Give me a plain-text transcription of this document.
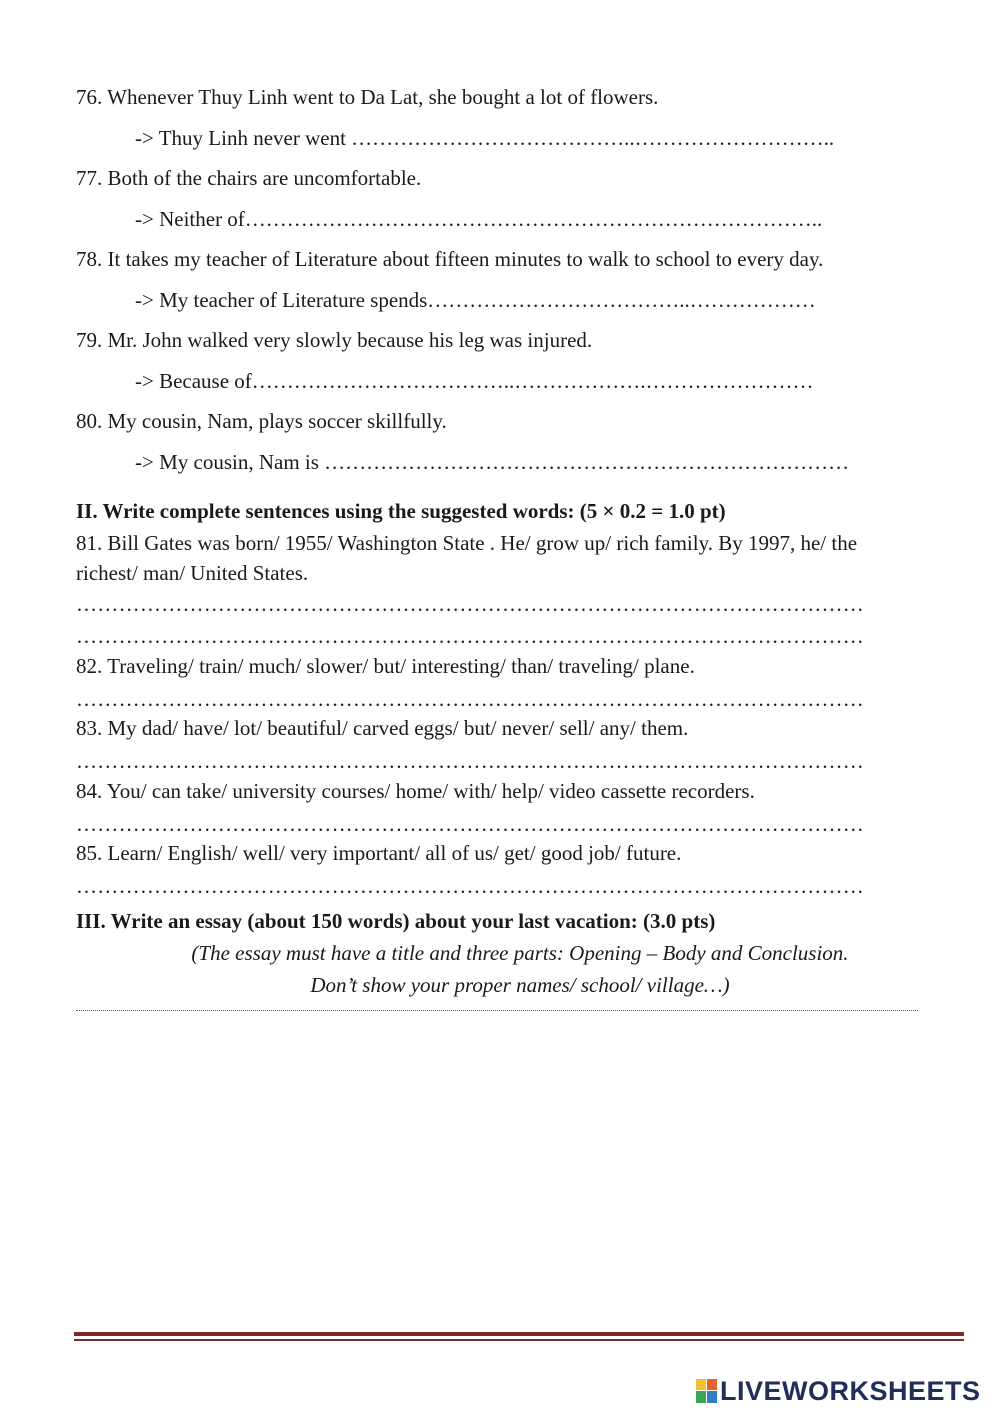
76. Whenever Thuy Linh went to Da Lat, she bought a lot of flowers.
-> Thuy Linh never went …………………………………..………………………..
77. Both of the chairs are uncomfortable.
-> Neither of………………………………………………………………………..
78. It takes my teacher of Literature about fifteen minutes to walk to school to every day.
-> My teacher of Literature spends………………………………..………………
79. Mr. John walked very slowly because his leg was injured.
-> Because of………………………………..……………….……………………
80. My cousin, Nam, plays soccer skillfully.
-> My cousin, Nam is …………………………………………………………………
II. Write complete sentences using the suggested words: (5 × 0.2 = 1.0 pt)
81. Bill Gates was born/ 1955/ Washington State . He/ grow up/ rich family. By 1997, he/ the
richest/ man/ United States.
…………………………………………………………………………………………………
…………………………………………………………………………………………………
82. Traveling/ train/ much/ slower/ but/ interesting/ than/ traveling/ plane.
…………………………………………………………………………………………………
83. My dad/ have/ lot/ beautiful/ carved eggs/ but/ never/ sell/ any/ them.
…………………………………………………………………………………………………
84. You/ can take/ university courses/ home/ with/ help/ video cassette recorders.
…………………………………………………………………………………………………
85. Learn/ English/ well/ very important/ all of us/ get/ good job/ future.
…………………………………………………………………………………………………
III. Write an essay (about 150 words) about your last vacation: (3.0 pts)
(The essay must have a title and three parts: Opening – Body and Conclusion.
Don’t show your proper names/ school/ village…)
LIVEWORKSHEETS
